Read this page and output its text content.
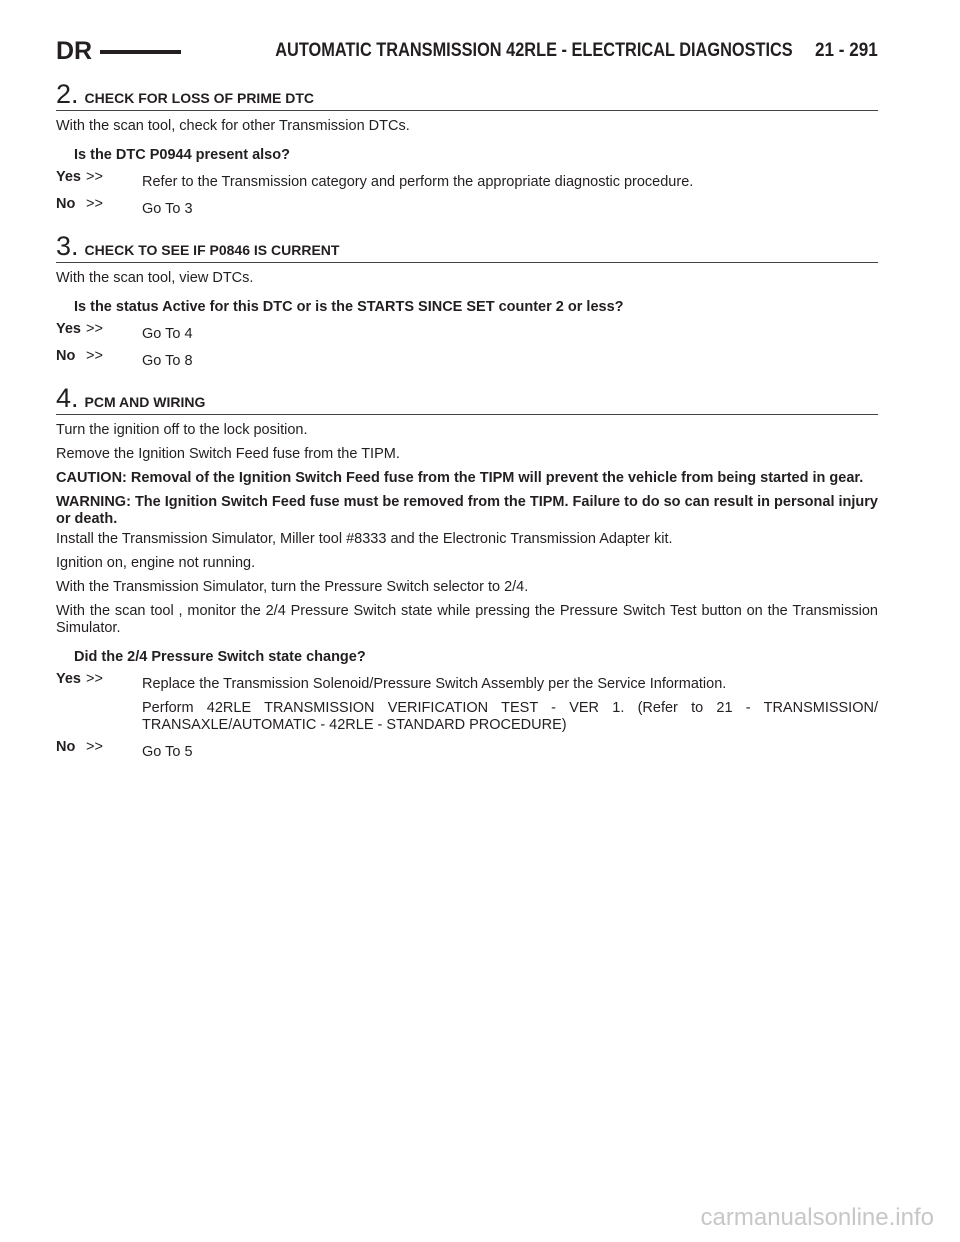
DR	AUTOMATIC TRANSMISSION 42RLE - ELECTRICAL DIAGNOSTICS 21 - 291
2. CHECK FOR LOSS OF PRIME DTC

With the scan tool, check for other Transmission DTCs.

Is the DTC P0944 present also?

Yes >>	Refer to the Transmission category and perform the appropriate diagnostic procedure.

No >>	Go To 3

3. CHECK TO SEE IF P0846 IS CURRENT

With the scan tool, view DTCs.

Is the status Active for this DTC or is the STARTS SINCE SET counter 2 or less?

Yes >>	Go To 4

No >>	Go To 8

4. PCM AND WIRING

Turn the ignition off to the lock position.

Remove the Ignition Switch Feed fuse from the TIPM.

CAUTION: Removal of the Ignition Switch Feed fuse from the TIPM will prevent the vehicle from being started in gear.

WARNING: The Ignition Switch Feed fuse must be removed from the TIPM. Failure to do so can result in personal injury or death.

Install the Transmission Simulator, Miller tool #8333 and the Electronic Transmission Adapter kit.

Ignition on, engine not running.

With the Transmission Simulator, turn the Pressure Switch selector to 2/4.

With the scan tool , monitor the 2/4 Pressure Switch state while pressing the Pressure Switch Test button on the Transmission Simulator.

Did the 2/4 Pressure Switch state change?

Yes >>	Replace the Transmission Solenoid/Pressure Switch Assembly per the Service Information.

Perform 42RLE TRANSMISSION VERIFICATION TEST - VER 1. (Refer to 21 - TRANSMISSION/ TRANSAXLE/AUTOMATIC - 42RLE - STANDARD PROCEDURE)

No >>	Go To 5

carmanualsonline.info
